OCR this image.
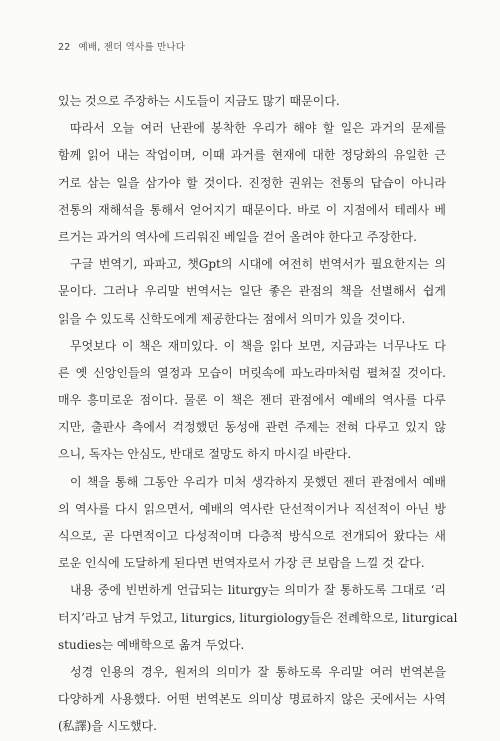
22 예배, 젠더 역사를 만나다
있는 것으로 주장하는 시도들이 지금도 많기 때문이다.
따라서 오늘 여러 난관에 봉착한 우리가 해야 할 일은 과거의 문제를
함께 읽어 내는 작업이며, 이때 과거를 현재에 대한 정당화의 유일한 근
거로 삼는 일을 삼가야 할 것이다. 진정한 권위는 전통의 답습이 아니라
전통의 재해석을 통해서 얻어지기 때문이다. 바로 이 지점에서 테레사 베
르거는 과거의 역사에 드리워진 베일을 걷어 올려야 한다고 주장한다.
구글 번역기, 파파고, 챗Gpt의 시대에 여전히 번역서가 필요한지는 의
문이다. 그러나 우리말 번역서는 일단 좋은 관점의 책을 선별해서 쉽게
읽을 수 있도록 신학도에게 제공한다는 점에서 의미가 있을 것이다.
무엇보다 이 책은 재미있다. 이 책을 읽다 보면, 지금과는 너무나도 다
른 옛 신앙인들의 열정과 모습이 머릿속에 파노라마처럼 펼쳐질 것이다.
매우 흥미로운 점이다. 물론 이 책은 젠더 관점에서 예배의 역사를 다루
지만, 출판사 측에서 걱정했던 동성애 관련 주제는 전혀 다루고 있지 않
으니, 독자는 안심도, 반대로 절망도 하지 마시길 바란다.
이 책을 통해 그동안 우리가 미처 생각하지 못했던 젠더 관점에서 예배
의 역사를 다시 읽으면서, 예배의 역사란 단선적이거나 직선적이 아닌 방
식으로, 곧 다면적이고 다성적이며 다층적 방식으로 전개되어 왔다는 새
로운 인식에 도달하게 된다면 번역자로서 가장 큰 보람을 느낄 것 같다.
내용 중에 빈번하게 언급되는 liturgy는 의미가 잘 통하도록 그대로 ‘리
터지’라고 남겨 두었고, liturgics, liturgiology들은 전례학으로, liturgical
studies는 예배학으로 옮겨 두었다.
성경 인용의 경우, 원저의 의미가 잘 통하도록 우리말 여러 번역본을
다양하게 사용했다. 어떤 번역본도 의미상 명료하지 않은 곳에서는 사역
(私譯)을 시도했다.
